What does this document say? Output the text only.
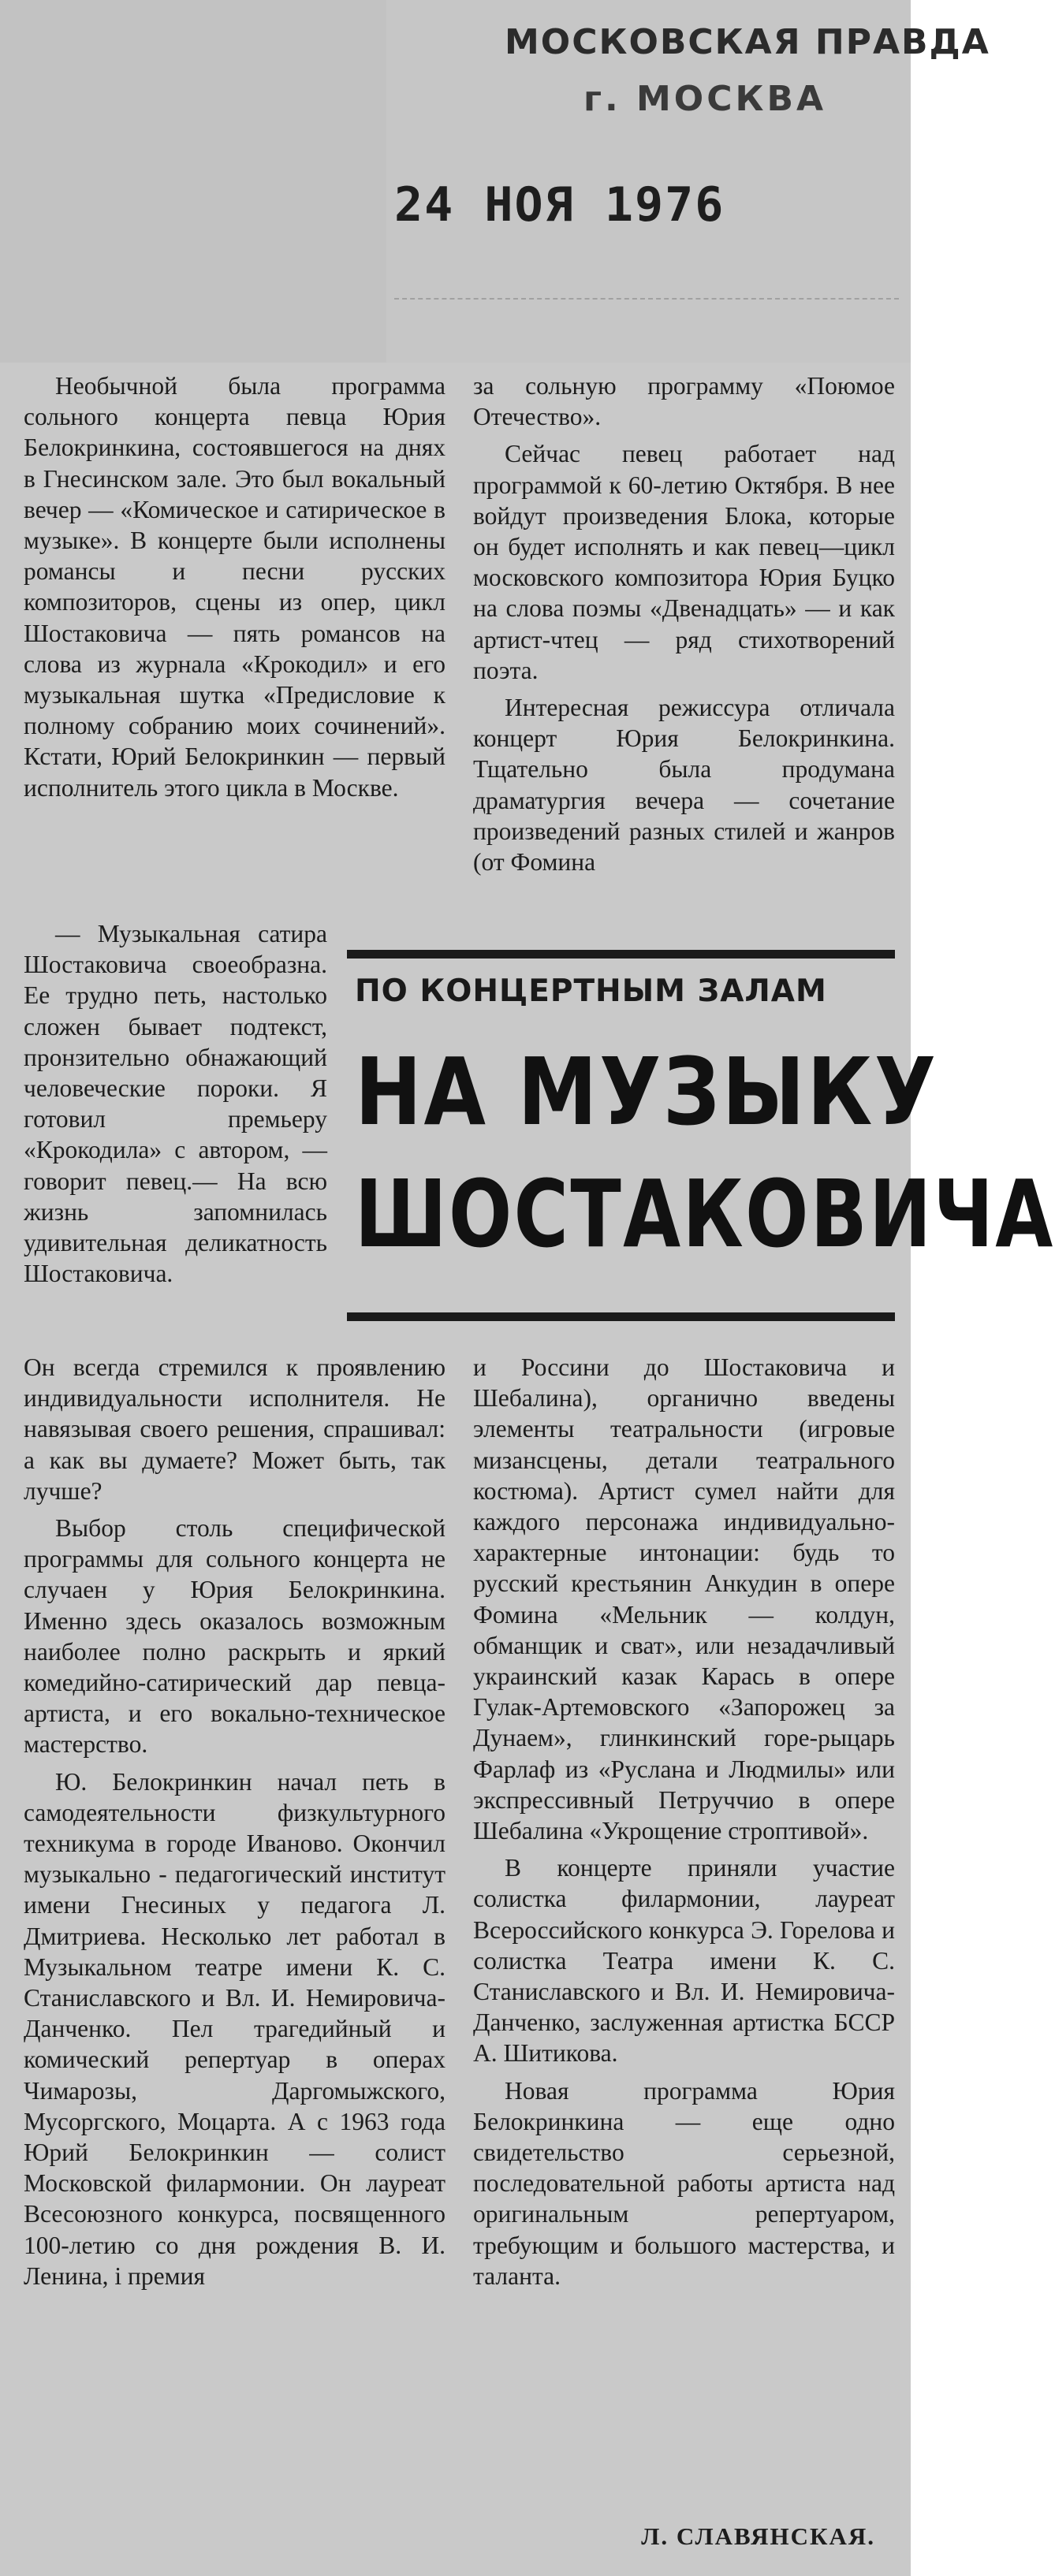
МОСКОВСКАЯ ПРАВДА
г. МОСКВА
24 НОЯ 1976

Необычной была программа сольного концерта певца Юрия Белокринкина, состоявшегося на днях в Гнесинском зале. Это был вокальный вечер — «Комическое и сатирическое в музыке». В концерте были исполнены романсы и песни русских композиторов, сцены из опер, цикл Шостаковича — пять романсов на слова из журнала «Крокодил» и его музыкальная шутка «Предисловие к полному собранию моих сочинений». Кстати, Юрий Белокринкин — первый исполнитель этого цикла в Москве.

— Музыкальная сатира Шостаковича своеобразна. Ее трудно петь, настолько сложен бывает подтекст, пронзительно обнажающий человеческие пороки. Я готовил премьеру «Крокодила» с автором, — говорит певец.— На всю жизнь запомнилась удивительная деликатность Шостаковича.

Он всегда стремился к проявлению индивидуальности исполнителя. Не навязывая своего решения, спрашивал: а как вы думаете? Может быть, так лучше?

Выбор столь специфической программы для сольного концерта не случаен у Юрия Белокринкина. Именно здесь оказалось возможным наиболее полно раскрыть и яркий комедийно-сатирический дар певца-артиста, и его вокально-техническое мастерство.

Ю. Белокринкин начал петь в самодеятельности физкультурного техникума в городе Иваново. Окончил музыкально - педагогический институт имени Гнесиных у педагога Л. Дмитриева. Несколько лет работал в Музыкальном театре имени К. С. Станиславского и Вл. И. Немировича-Данченко. Пел трагедийный и комический репертуар в операх Чимарозы, Даргомыжского, Мусоргского, Моцарта. А с 1963 года Юрий Белокринкин — солист Московской филармонии. Он лауреат Всесоюзного конкурса, посвященного 100-летию со дня рождения В. И. Ленина, і премия

за сольную программу «Поюмое Отечество».

Сейчас певец работает над программой к 60-летию Октября. В нее войдут произведения Блока, которые он будет исполнять и как певец—цикл московского композитора Юрия Буцко на слова поэмы «Двенадцать» — и как артист-чтец — ряд стихотворений поэта.

Интересная режиссура отличала концерт Юрия Белокринкина. Тщательно была продумана драматургия вечера — сочетание произведений разных стилей и жанров (от Фомина

ПО КОНЦЕРТНЫМ ЗАЛАМ
НА МУЗЫКУ
ШОСТАКОВИЧА

и Россини до Шостаковича и Шебалина), органично введены элементы театральности (игровые мизансцены, детали театрального костюма). Артист сумел найти для каждого персонажа индивидуально-характерные интонации: будь то русский крестьянин Анкудин в опере Фомина «Мельник — колдун, обманщик и сват», или незадачливый украинский казак Карась в опере Гулак-Артемовского «Запорожец за Дунаем», глинкинский горе-рыцарь Фарлаф из «Руслана и Людмилы» или экспрессивный Петруччио в опере Шебалина «Укрощение строптивой».

В концерте приняли участие солистка филармонии, лауреат Всероссийского конкурса Э. Горелова и солистка Театра имени К. С. Станиславского и Вл. И. Немировича-Данченко, заслуженная артистка БССР А. Шитикова.

Новая программа Юрия Белокринкина — еще одно свидетельство серьезной, последовательной работы артиста над оригинальным репертуаром, требующим и большого мастерства, и таланта.

Л. СЛАВЯНСКАЯ.
